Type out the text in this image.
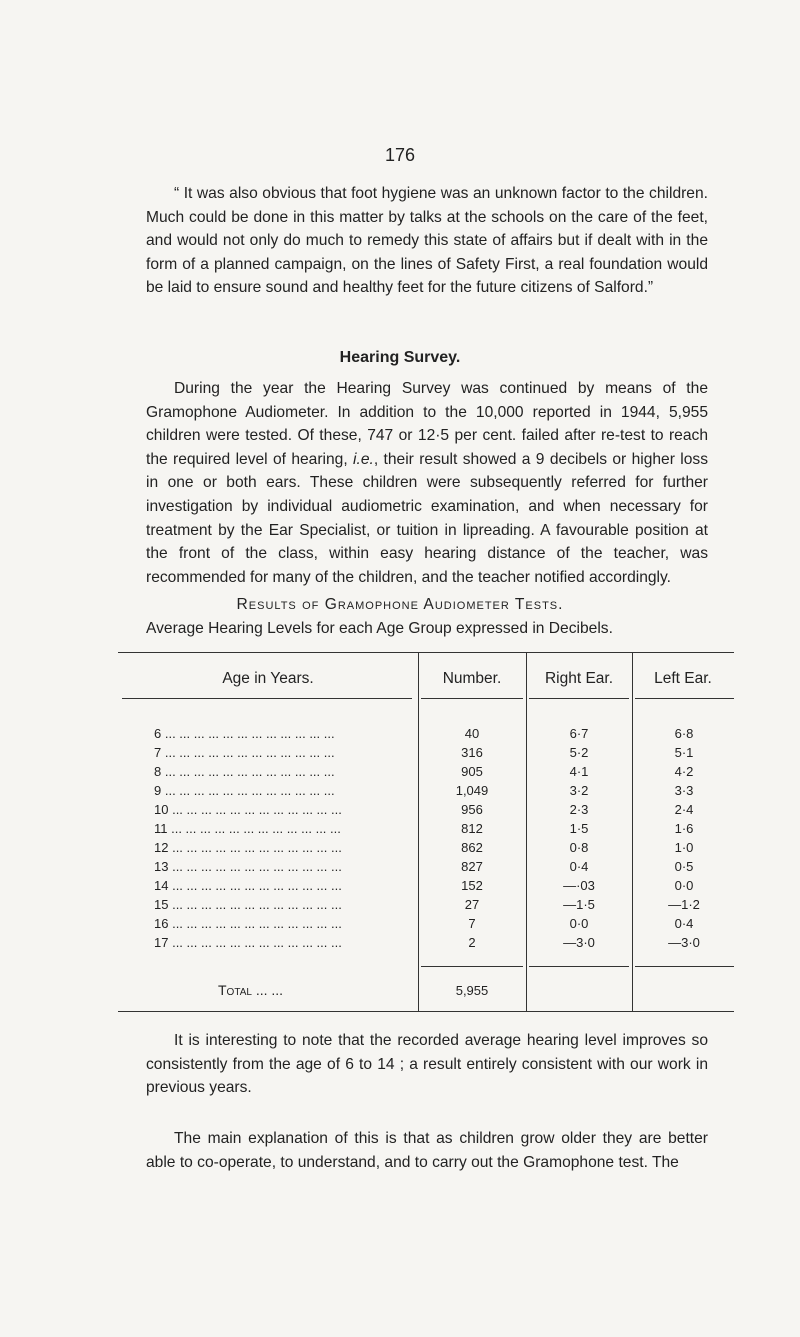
176
“ It was also obvious that foot hygiene was an unknown factor to the children. Much could be done in this matter by talks at the schools on the care of the feet, and would not only do much to remedy this state of affairs but if dealt with in the form of a planned campaign, on the lines of Safety First, a real foundation would be laid to ensure sound and healthy feet for the future citizens of Salford.”
Hearing Survey.
During the year the Hearing Survey was continued by means of the Gramophone Audiometer. In addition to the 10,000 reported in 1944, 5,955 children were tested. Of these, 747 or 12·5 per cent. failed after re-test to reach the required level of hearing, i.e., their result showed a 9 decibels or higher loss in one or both ears. These children were subsequently referred for further investigation by individual audiometric examination, and when necessary for treatment by the Ear Specialist, or tuition in lipreading. A favourable position at the front of the class, within easy hearing distance of the teacher, was recommended for many of the children, and the teacher notified accordingly.
Results of Gramophone Audiometer Tests.
Average Hearing Levels for each Age Group expressed in Decibels.
Age in Years.	Number.	Right Ear.	Left Ear.
6 ... ... ... ... ... ... ... ... ... ... ... ...	40	6·7	6·8
7 ... ... ... ... ... ... ... ... ... ... ... ...	316	5·2	5·1
8 ... ... ... ... ... ... ... ... ... ... ... ...	905	4·1	4·2
9 ... ... ... ... ... ... ... ... ... ... ... ...	1,049	3·2	3·3
10 ... ... ... ... ... ... ... ... ... ... ... ...	956	2·3	2·4
11 ... ... ... ... ... ... ... ... ... ... ... ...	812	1·5	1·6
12 ... ... ... ... ... ... ... ... ... ... ... ...	862	0·8	1·0
13 ... ... ... ... ... ... ... ... ... ... ... ...	827	0·4	0·5
14 ... ... ... ... ... ... ... ... ... ... ... ...	152	—·03	0·0
15 ... ... ... ... ... ... ... ... ... ... ... ...	27	—1·5	—1·2
16 ... ... ... ... ... ... ... ... ... ... ... ...	7	0·0	0·4
17 ... ... ... ... ... ... ... ... ... ... ... ...	2	—3·0	—3·0
Total ... ...	5,955
It is interesting to note that the recorded average hearing level improves so consistently from the age of 6 to 14 ; a result entirely consistent with our work in previous years.
The main explanation of this is that as children grow older they are better able to co-operate, to understand, and to carry out the Gramophone test. The
